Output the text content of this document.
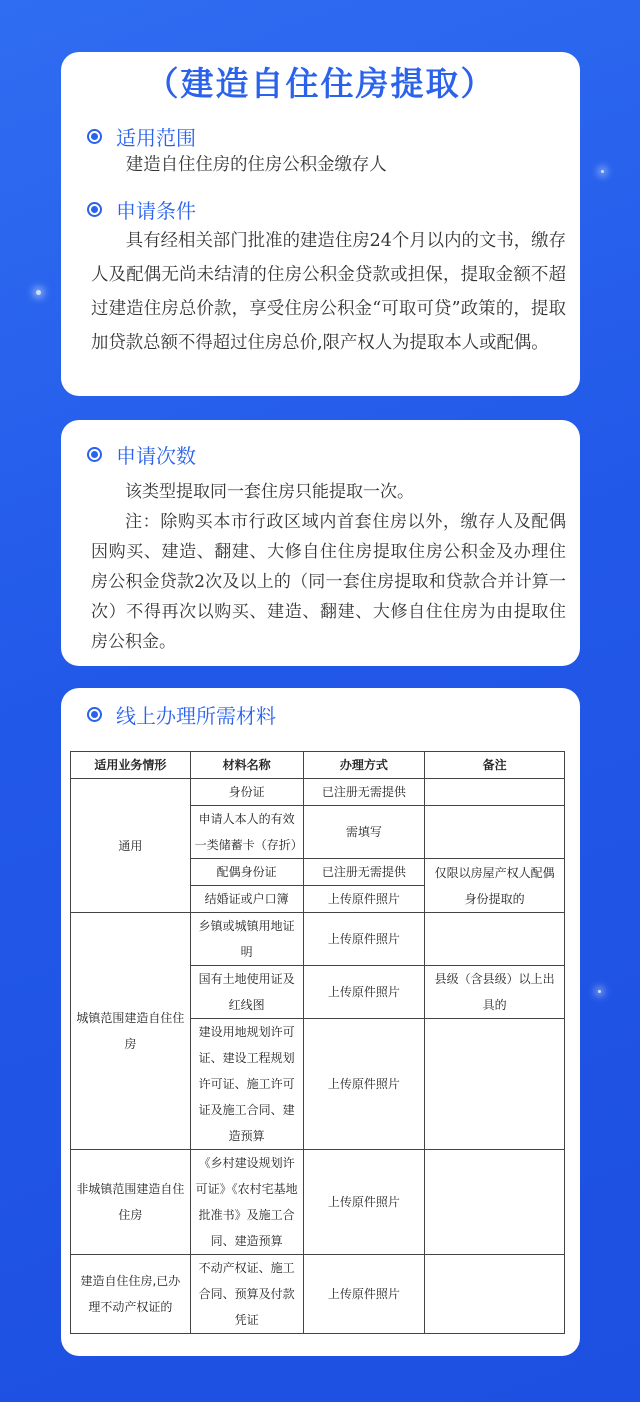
（建造自住住房提取）
适用范围

建造自住住房的住房公积金缴存人

申请条件

具有经相关部门批准的建造住房24个月以内的文书，缴存人及配偶无尚未结清的住房公积金贷款或担保，提取金额不超过建造住房总价款，享受住房公积金“可取可贷”政策的，提取加贷款总额不得超过住房总价,限产权人为提取本人或配偶。

申请次数

该类型提取同一套住房只能提取一次。

注：除购买本市行政区域内首套住房以外，缴存人及配偶因购买、建造、翻建、大修自住住房提取住房公积金及办理住房公积金贷款2次及以上的（同一套住房提取和贷款合并计算一次）不得再次以购买、建造、翻建、大修自住住房为由提取住房公积金。

线上办理所需材料
适用业务情形	材料名称	办理方式	备注
通用	身份证	已注册无需提供	
	申请人本人的有效一类储蓄卡（存折）	需填写	
	配偶身份证	已注册无需提供	仅限以房屋产权人配偶身份提取的
	结婚证或户口簿	上传原件照片	
城镇范围建造自住住房	乡镇或城镇用地证明	上传原件照片	
	国有土地使用证及红线图	上传原件照片	县级（含县级）以上出具的
	建设用地规划许可证、建设工程规划许可证、施工许可证及施工合同、建造预算	上传原件照片	
非城镇范围建造自住住房	《乡村建设规划许可证》《农村宅基地批准书》及施工合同、建造预算	上传原件照片	
建造自住住房,已办理不动产权证的	不动产权证、施工合同、预算及付款凭证	上传原件照片	
